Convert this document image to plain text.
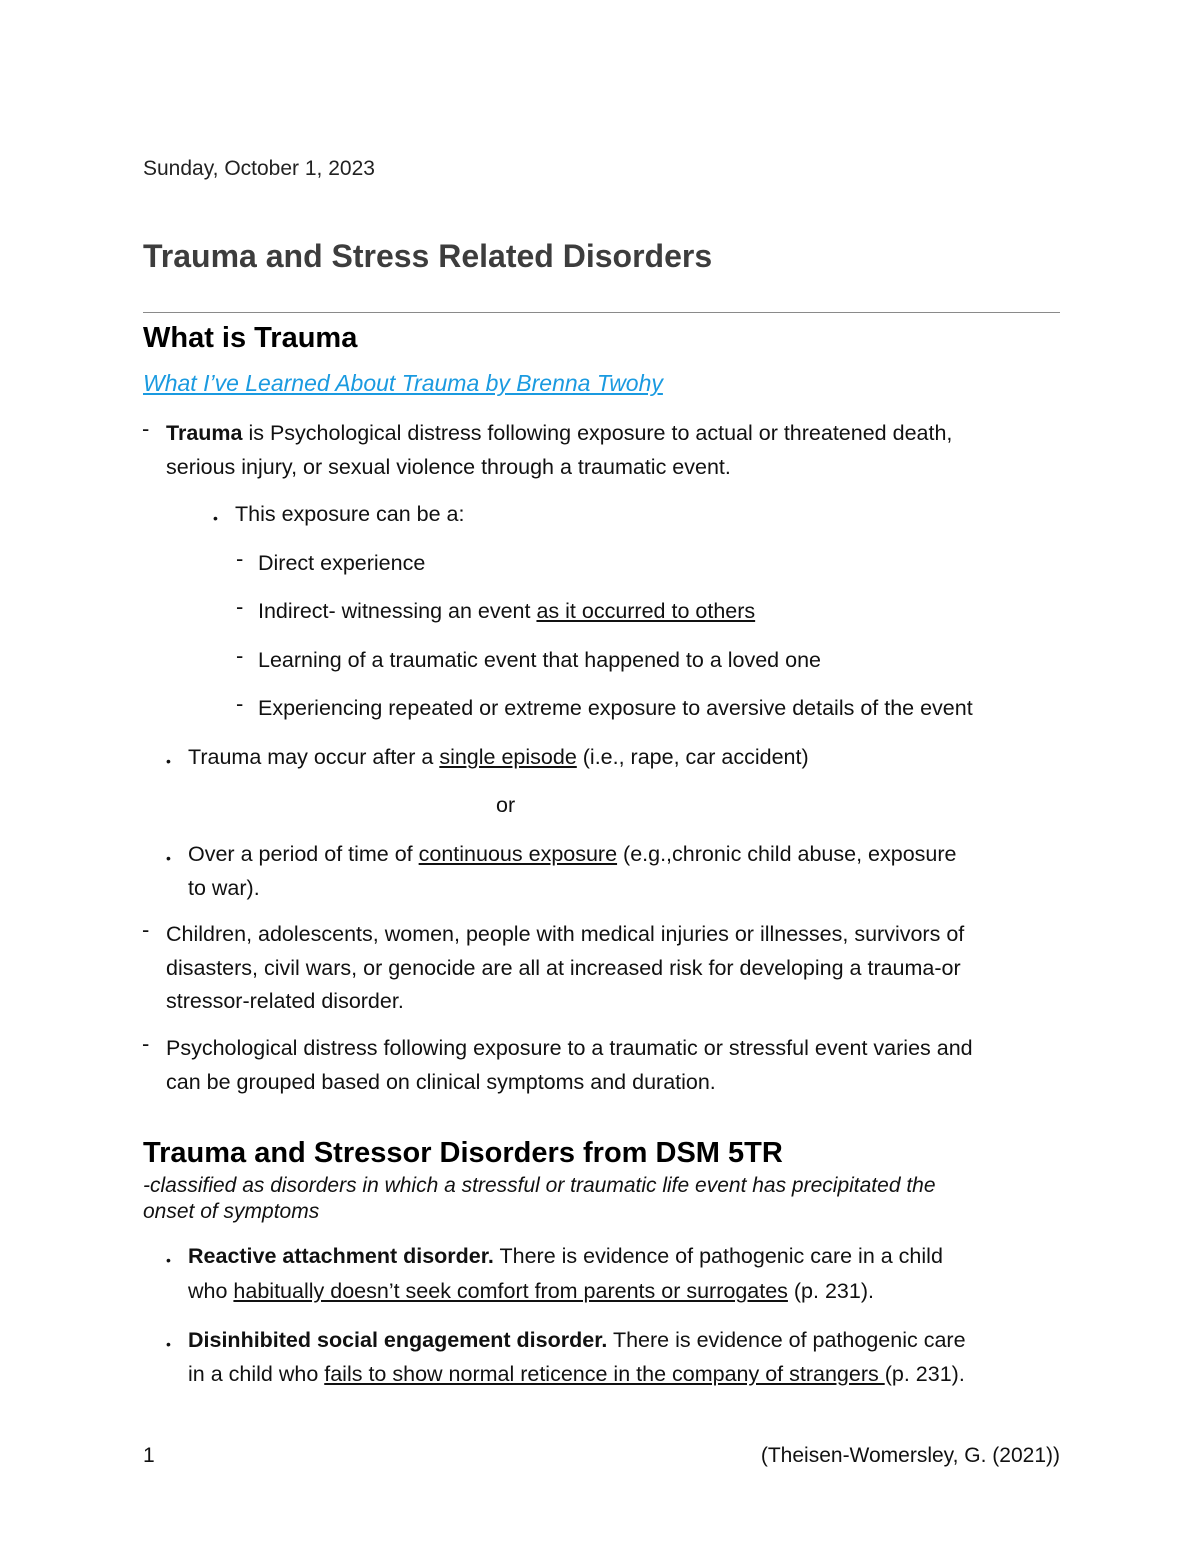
Sunday, October 1, 2023
Trauma and Stress Related Disorders
What is Trauma
What I’ve Learned About Trauma by Brenna Twohy
- Trauma is Psychological distress following exposure to actual or threatened death,
serious injury, or sexual violence through a traumatic event.
• This exposure can be a:
- Direct experience
- Indirect- witnessing an event as it occurred to others
- Learning of a traumatic event that happened to a loved one
- Experiencing repeated or extreme exposure to aversive details of the event
• Trauma may occur after a single episode (i.e., rape, car accident)
or
• Over a period of time of continuous exposure (e.g.,chronic child abuse, exposure
to war).
- Children, adolescents, women, people with medical injuries or illnesses, survivors of
disasters, civil wars, or genocide are all at increased risk for developing a trauma-or
stressor-related disorder.
- Psychological distress following exposure to a traumatic or stressful event varies and
can be grouped based on clinical symptoms and duration.
Trauma and Stressor Disorders from DSM 5TR
-classified as disorders in which a stressful or traumatic life event has precipitated the
onset of symptoms
• Reactive attachment disorder. There is evidence of pathogenic care in a child
who habitually doesn’t seek comfort from parents or surrogates (p. 231).
• Disinhibited social engagement disorder. There is evidence of pathogenic care
in a child who fails to show normal reticence in the company of strangers (p. 231).
1	(Theisen-Womersley, G. (2021))
